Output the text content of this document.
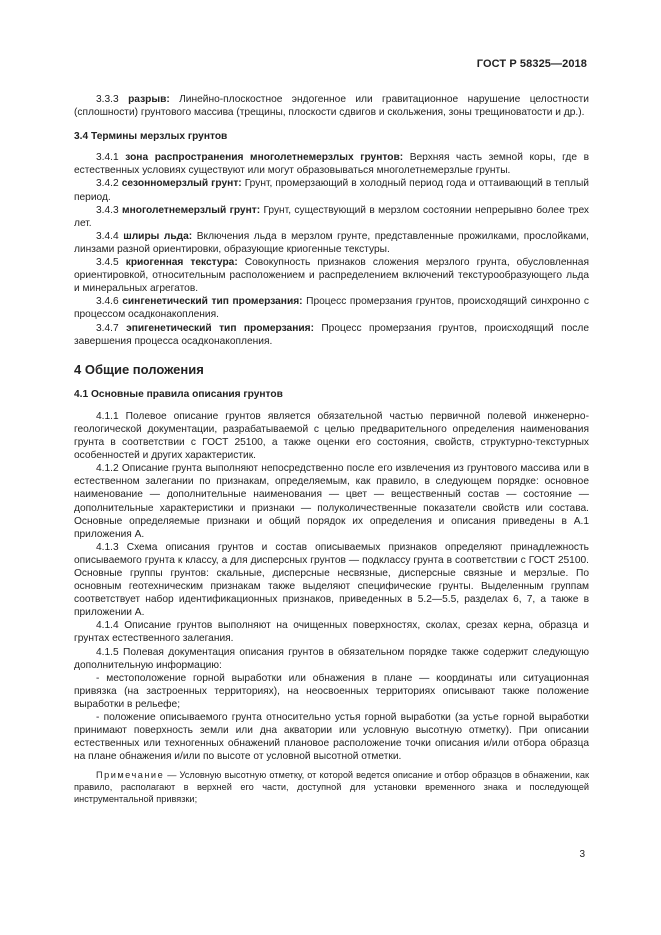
ГОСТ Р 58325—2018

3.3.3 разрыв: Линейно-плоскостное эндогенное или гравитационное нарушение целостности (сплошности) грунтового массива (трещины, плоскости сдвигов и скольжения, зоны трещиноватости и др.).

3.4 Термины мерзлых грунтов

3.4.1 зона распространения многолетнемерзлых грунтов: Верхняя часть земной коры, где в естественных условиях существуют или могут образовываться многолетнемерзлые грунты.

3.4.2 сезонномерзлый грунт: Грунт, промерзающий в холодный период года и оттаивающий в теплый период.

3.4.3 многолетнемерзлый грунт: Грунт, существующий в мерзлом состоянии непрерывно более трех лет.

3.4.4 шлиры льда: Включения льда в мерзлом грунте, представленные прожилками, прослойками, линзами разной ориентировки, образующие криогенные текстуры.

3.4.5 криогенная текстура: Совокупность признаков сложения мерзлого грунта, обусловленная ориентировкой, относительным расположением и распределением включений текстурообразующего льда и минеральных агрегатов.

3.4.6 сингенетический тип промерзания: Процесс промерзания грунтов, происходящий синхронно с процессом осадконакопления.

3.4.7 эпигенетический тип промерзания: Процесс промерзания грунтов, происходящий после завершения процесса осадконакопления.

4 Общие положения
4.1 Основные правила описания грунтов

4.1.1 Полевое описание грунтов является обязательной частью первичной полевой инженерно-геологической документации, разрабатываемой с целью предварительного определения наименования грунта в соответствии с ГОСТ 25100, а также оценки его состояния, свойств, структурно-текстурных особенностей и других характеристик.

4.1.2 Описание грунта выполняют непосредственно после его извлечения из грунтового массива или в естественном залегании по признакам, определяемым, как правило, в следующем порядке: основное наименование — дополнительные наименования — цвет — вещественный состав — состояние — дополнительные характеристики и признаки — полуколичественные показатели свойств или состава. Основные определяемые признаки и общий порядок их определения и описания приведены в А.1 приложения А.

4.1.3 Схема описания грунтов и состав описываемых признаков определяют принадлежность описываемого грунта к классу, а для дисперсных грунтов — подклассу грунта в соответствии с ГОСТ 25100. Основные группы грунтов: скальные, дисперсные несвязные, дисперсные связные и мерзлые. По основным геотехническим признакам также выделяют специфические грунты. Выделенным группам соответствует набор идентификационных признаков, приведенных в 5.2—5.5, разделах 6, 7, а также в приложении А.

4.1.4 Описание грунтов выполняют на очищенных поверхностях, сколах, срезах керна, образца и грунтах естественного залегания.

4.1.5 Полевая документация описания грунтов в обязательном порядке также содержит следующую дополнительную информацию:

- местоположение горной выработки или обнажения в плане — координаты или ситуационная привязка (на застроенных территориях), на неосвоенных территориях описывают также положение выработки в рельефе;

- положение описываемого грунта относительно устья горной выработки (за устье горной выработки принимают поверхность земли или дна акватории или условную высотную отметку). При описании естественных или техногенных обнажений плановое расположение точки описания и/или отбора образца на плане обнажения и/или по высоте от условной высотной отметки.

Примечание — Условную высотную отметку, от которой ведется описание и отбор образцов в обнажении, как правило, располагают в верхней его части, доступной для установки временного знака и последующей инструментальной привязки;

3
